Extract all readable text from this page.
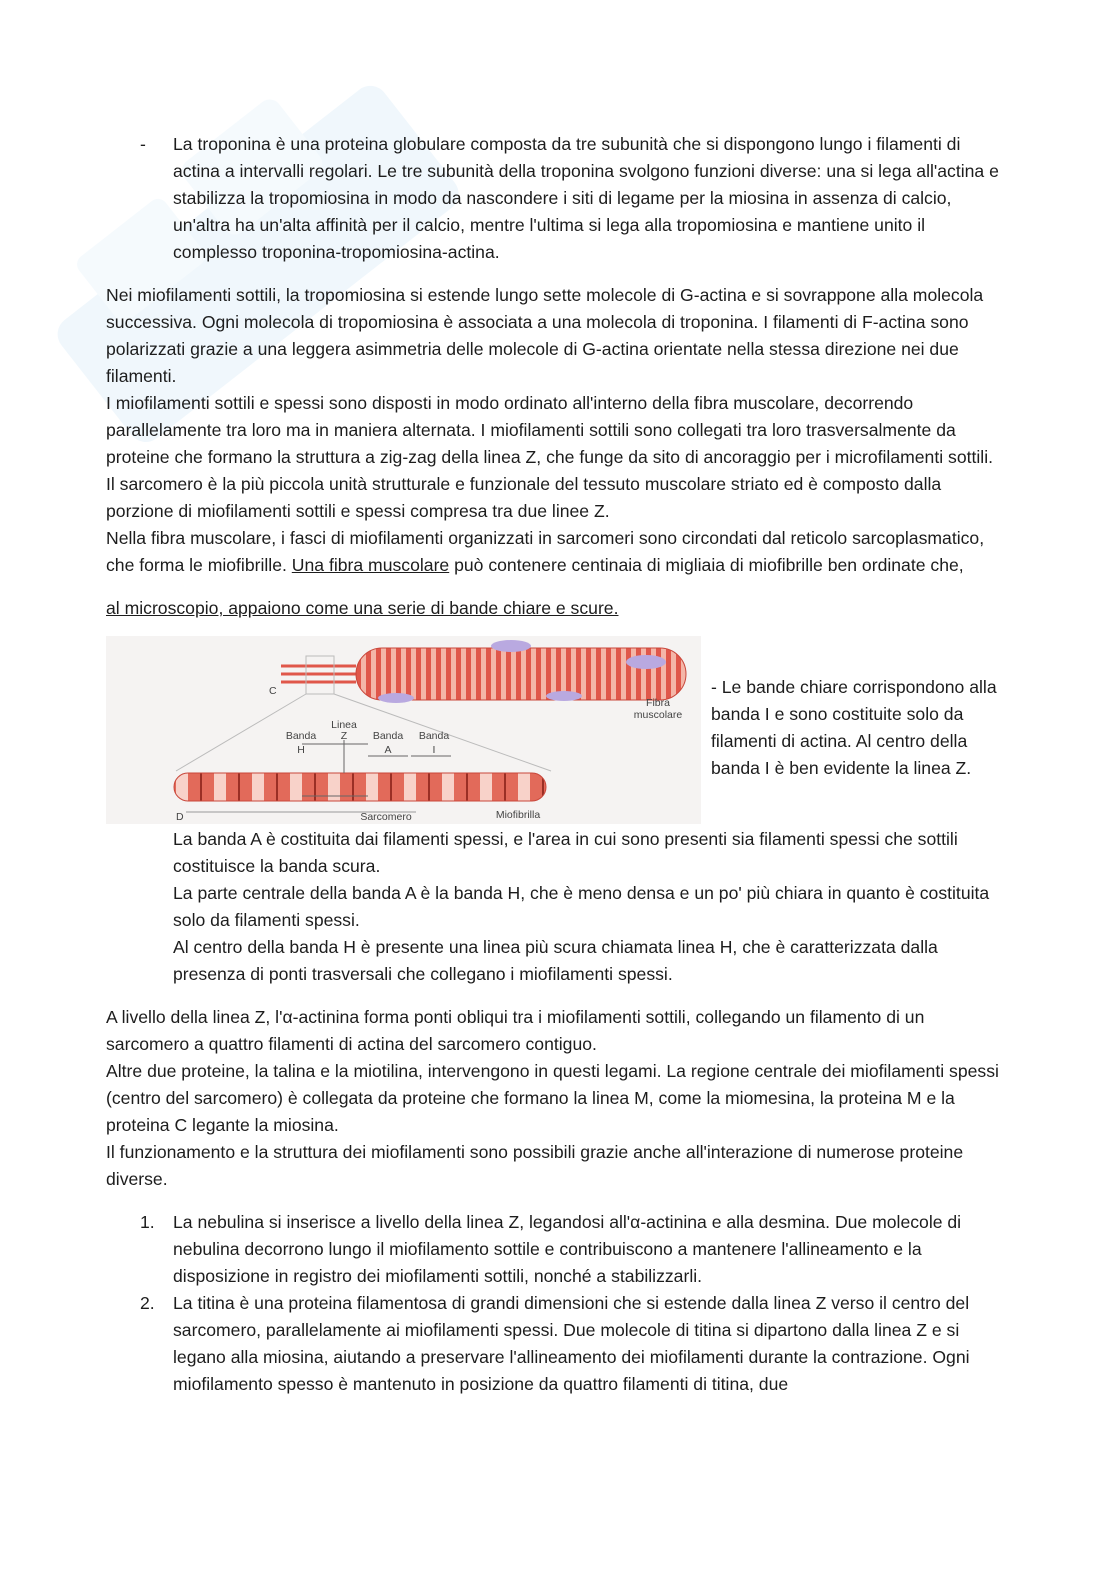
- La troponina è una proteina globulare composta da tre subunità che si dispongono lungo i filamenti di actina a intervalli regolari. Le tre subunità della troponina svolgono funzioni diverse: una si lega all'actina e stabilizza la tropomiosina in modo da nascondere i siti di legame per la miosina in assenza di calcio, un'altra ha un'alta affinità per il calcio, mentre l'ultima si lega alla tropomiosina e mantiene unito il complesso troponina-tropomiosina-actina.

Nei miofilamenti sottili, la tropomiosina si estende lungo sette molecole di G-actina e si sovrappone alla molecola successiva. Ogni molecola di tropomiosina è associata a una molecola di troponina. I filamenti di F-actina sono polarizzati grazie a una leggera asimmetria delle molecole di G-actina orientate nella stessa direzione nei due filamenti.

I miofilamenti sottili e spessi sono disposti in modo ordinato all'interno della fibra muscolare, decorrendo parallelamente tra loro ma in maniera alternata. I miofilamenti sottili sono collegati tra loro trasversalmente da proteine che formano la struttura a zig-zag della linea Z, che funge da sito di ancoraggio per i microfilamenti sottili.

Il sarcomero è la più piccola unità strutturale e funzionale del tessuto muscolare striato ed è composto dalla porzione di miofilamenti sottili e spessi compresa tra due linee Z.

Nella fibra muscolare, i fasci di miofilamenti organizzati in sarcomeri sono circondati dal reticolo sarcoplasmatico, che forma le miofibrille. Una fibra muscolare può contenere centinaia di migliaia di miofibrille ben ordinate che,

al microscopio, appaiono come una serie di bande chiare e scure.

C
D
Fibra
muscolare
Linea
Z
Banda
H
Banda
A
Banda
I
Sarcomero	Miofibrilla

- Le bande chiare corrispondono alla banda I e sono costituite solo da filamenti di actina. Al centro della banda I è ben evidente la linea Z.

La banda A è costituita dai filamenti spessi, e l'area in cui sono presenti sia filamenti spessi che sottili costituisce la banda scura.

La parte centrale della banda A è la banda H, che è meno densa e un po' più chiara in quanto è costituita solo da filamenti spessi.

Al centro della banda H è presente una linea più scura chiamata linea H, che è caratterizzata dalla presenza di ponti trasversali che collegano i miofilamenti spessi.

A livello della linea Z, l'α-actinina forma ponti obliqui tra i miofilamenti sottili, collegando un filamento di un sarcomero a quattro filamenti di actina del sarcomero contiguo.

Altre due proteine, la talina e la miotilina, intervengono in questi legami. La regione centrale dei miofilamenti spessi (centro del sarcomero) è collegata da proteine che formano la linea M, come la miomesina, la proteina M e la proteina C legante la miosina.

Il funzionamento e la struttura dei miofilamenti sono possibili grazie anche all'interazione di numerose proteine diverse.

1. La nebulina si inserisce a livello della linea Z, legandosi all'α-actinina e alla desmina. Due molecole di nebulina decorrono lungo il miofilamento sottile e contribuiscono a mantenere l'allineamento e la disposizione in registro dei miofilamenti sottili, nonché a stabilizzarli.

2. La titina è una proteina filamentosa di grandi dimensioni che si estende dalla linea Z verso il centro del sarcomero, parallelamente ai miofilamenti spessi. Due molecole di titina si dipartono dalla linea Z e si legano alla miosina, aiutando a preservare l'allineamento dei miofilamenti durante la contrazione. Ogni miofilamento spesso è mantenuto in posizione da quattro filamenti di titina, due
